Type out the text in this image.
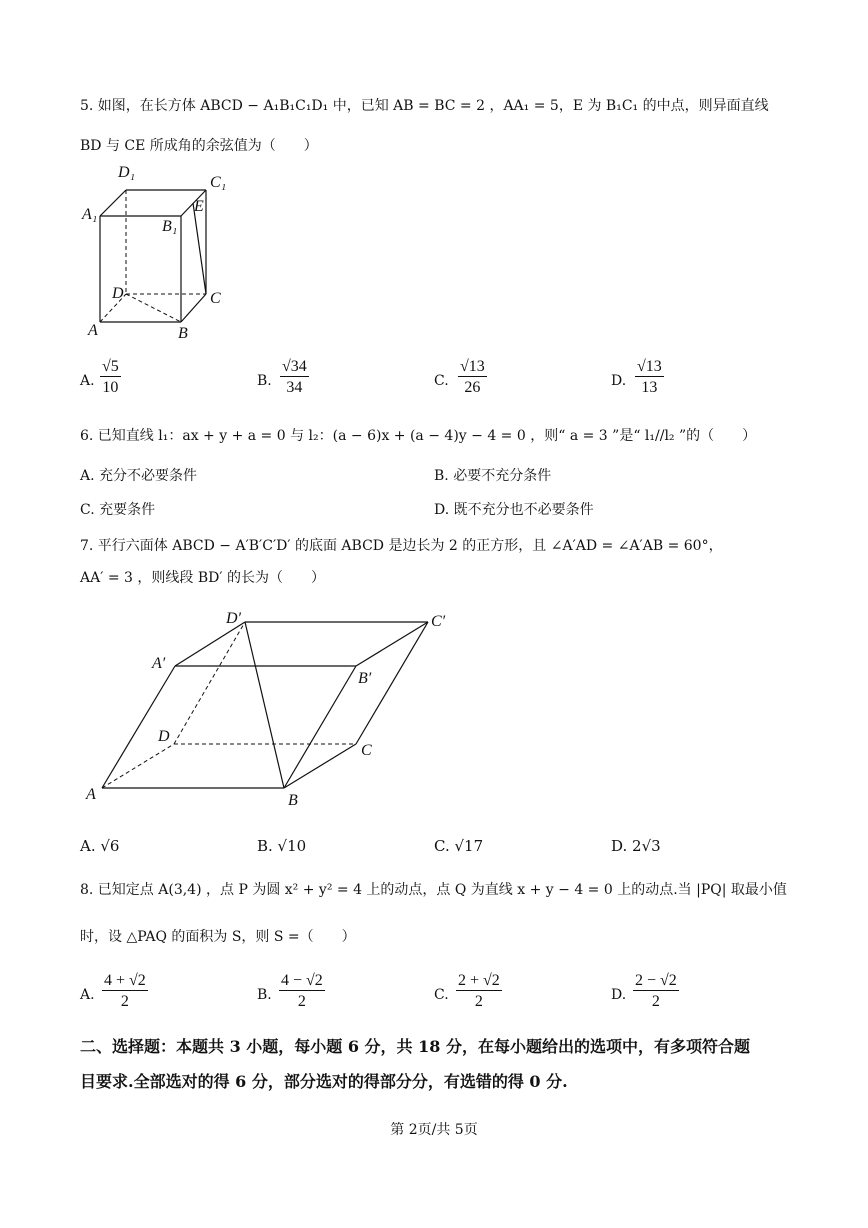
5. 如图，在长方体 ABCD − A₁B₁C₁D₁ 中，已知 AB = BC = 2 ，AA₁ = 5，E 为 B₁C₁ 的中点，则异面直线
BD 与 CE 所成角的余弦值为（　　）
D₁
C₁
A₁	E
B₁
D	C
A	B
A. $\frac{√5}{10}$	B. $\frac{√34}{34}$	C. $\frac{√13}{26}$	D. $\frac{√13}{13}$
6. 已知直线 l₁：ax + y + a = 0 与 l₂：(a − 6)x + (a − 4)y − 4 = 0 ，则“ a = 3 ”是“ l₁//l₂ ”的（　　）
A. 充分不必要条件	B. 必要不充分条件
C. 充要条件	D. 既不充分也不必要条件
7. 平行六面体 ABCD − A′B′C′D′ 的底面 ABCD 是边长为 2 的正方形，且 ∠A′AD = ∠A′AB = 60°，
AA′ = 3 ，则线段 BD′ 的长为（　　）
D′	C′
A′
B′
D
C
A	B
A. √6	B. √10	C. √17	D. 2√3
8. 已知定点 A(3,4) ，点 P 为圆 x² + y² = 4 上的动点，点 Q 为直线 x + y − 4 = 0 上的动点.当 |PQ| 取最小值
时，设 △PAQ 的面积为 S，则 S =（　　）
A. $\frac{4 + √2}{2}$	B. $\frac{4 - √2}{2}$	C. $\frac{2 + √2}{2}$	D. $\frac{2 - √2}{2}$
二、选择题：本题共 3 小题，每小题 6 分，共 18 分，在每小题给出的选项中，有多项符合题
目要求.全部选对的得 6 分，部分选对的得部分分，有选错的得 0 分.
第 2页/共 5页
